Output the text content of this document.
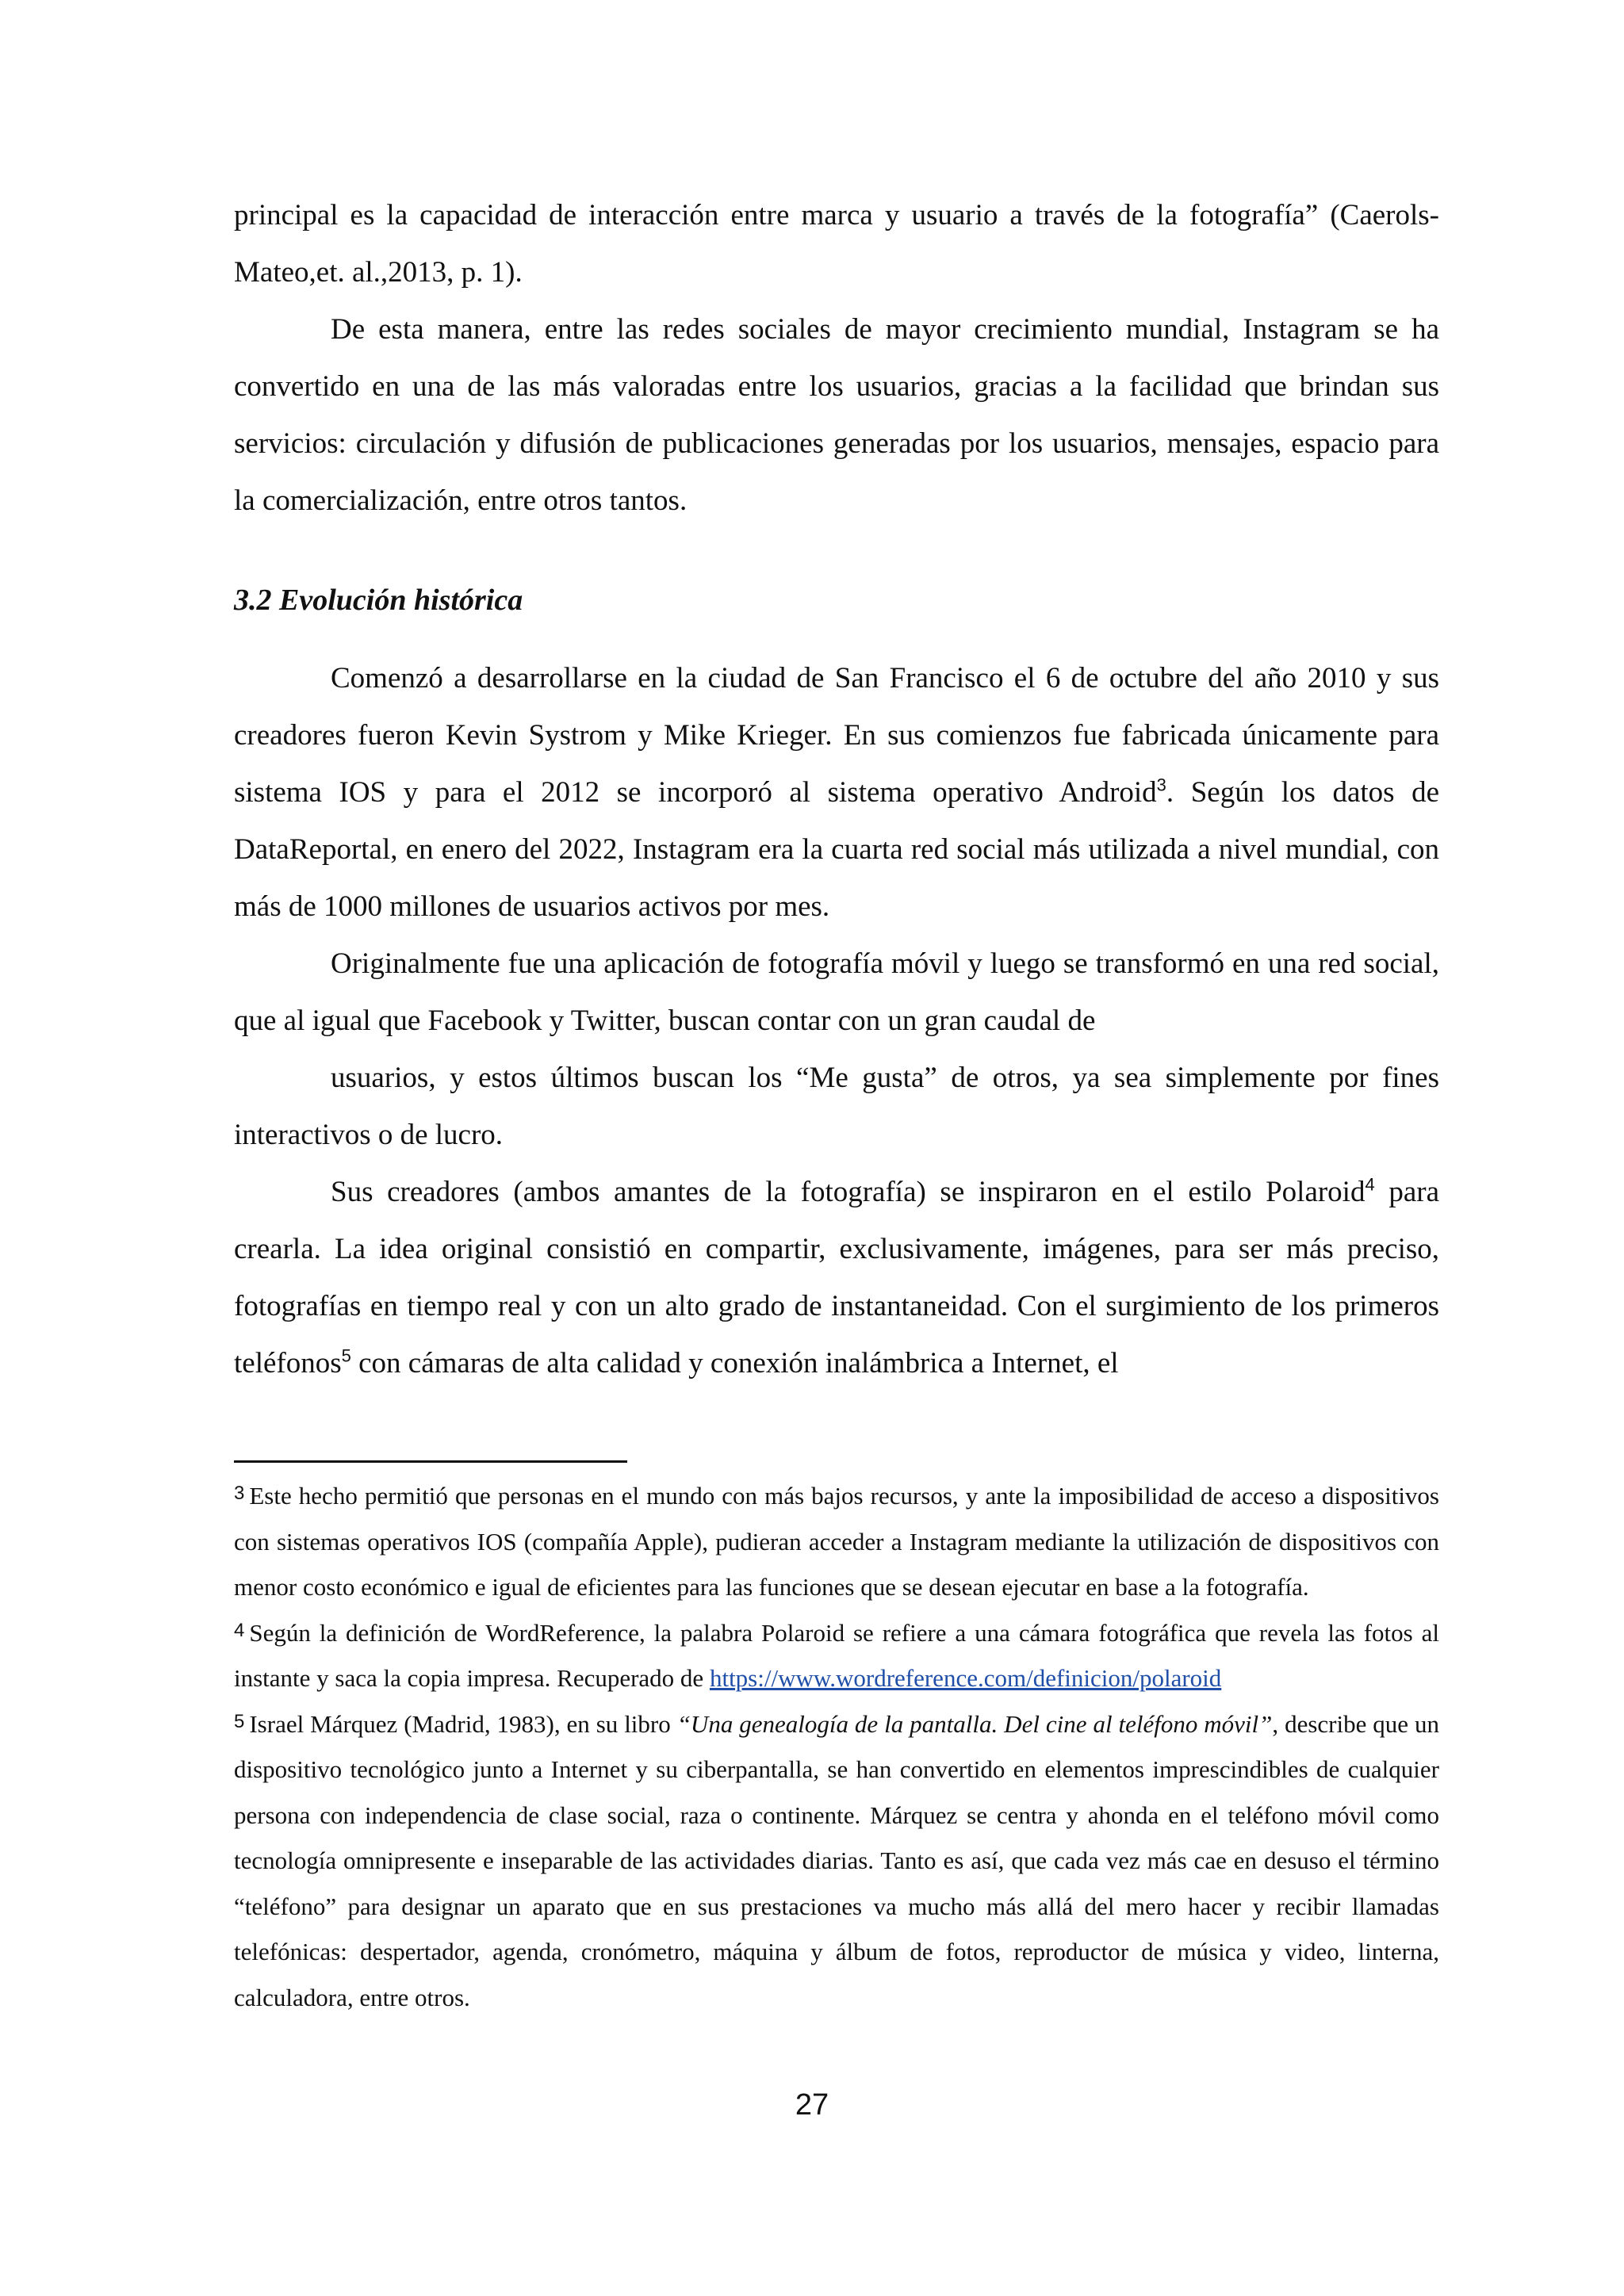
principal es la capacidad de interacción entre marca y usuario a través de la fotografía” (Caerols-Mateo,et. al.,2013, p. 1).

De esta manera, entre las redes sociales de mayor crecimiento mundial, Instagram se ha convertido en una de las más valoradas entre los usuarios, gracias a la facilidad que brindan sus servicios: circulación y difusión de publicaciones generadas por los usuarios, mensajes, espacio para la comercialización, entre otros tantos.

3.2 Evolución histórica

Comenzó a desarrollarse en la ciudad de San Francisco el 6 de octubre del año 2010 y sus creadores fueron Kevin Systrom y Mike Krieger. En sus comienzos fue fabricada únicamente para sistema IOS y para el 2012 se incorporó al sistema operativo Android$^3$. Según los datos de DataReportal, en enero del 2022, Instagram era la cuarta red social más utilizada a nivel mundial, con más de 1000 millones de usuarios activos por mes.

Originalmente fue una aplicación de fotografía móvil y luego se transformó en una red social, que al igual que Facebook y Twitter, buscan contar con un gran caudal de

usuarios, y estos últimos buscan los “Me gusta” de otros, ya sea simplemente por fines interactivos o de lucro.

Sus creadores (ambos amantes de la fotografía) se inspiraron en el estilo Polaroid$^4$ para crearla. La idea original consistió en compartir, exclusivamente, imágenes, para ser más preciso, fotografías en tiempo real y con un alto grado de instantaneidad. Con el surgimiento de los primeros teléfonos$^5$ con cámaras de alta calidad y conexión inalámbrica a Internet, el

3 Este hecho permitió que personas en el mundo con más bajos recursos, y ante la imposibilidad de acceso a dispositivos con sistemas operativos IOS (compañía Apple), pudieran acceder a Instagram mediante la utilización de dispositivos con menor costo económico e igual de eficientes para las funciones que se desean ejecutar en base a la fotografía.

4 Según la definición de WordReference, la palabra Polaroid se refiere a una cámara fotográfica que revela las fotos al instante y saca la copia impresa. Recuperado de https://www.wordreference.com/definicion/polaroid

5 Israel Márquez (Madrid, 1983), en su libro “Una genealogía de la pantalla. Del cine al teléfono móvil”, describe que un dispositivo tecnológico junto a Internet y su ciberpantalla, se han convertido en elementos imprescindibles de cualquier persona con independencia de clase social, raza o continente. Márquez se centra y ahonda en el teléfono móvil como tecnología omnipresente e inseparable de las actividades diarias. Tanto es así, que cada vez más cae en desuso el término “teléfono” para designar un aparato que en sus prestaciones va mucho más allá del mero hacer y recibir llamadas telefónicas: despertador, agenda, cronómetro, máquina y álbum de fotos, reproductor de música y video, linterna, calculadora, entre otros.

27
